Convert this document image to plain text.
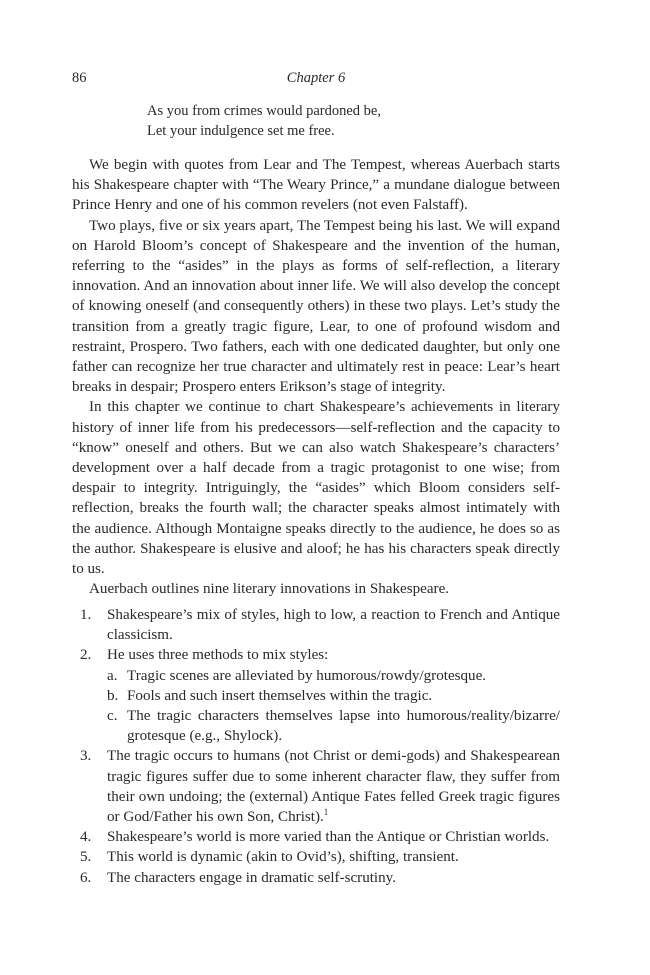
86	Chapter 6
As you from crimes would pardoned be,
Let your indulgence set me free.

We begin with quotes from Lear and The Tempest, whereas Auerbach starts his Shakespeare chapter with “The Weary Prince,” a mundane dialogue between Prince Henry and one of his common revelers (not even Falstaff).

Two plays, five or six years apart, The Tempest being his last. We will expand on Harold Bloom’s concept of Shakespeare and the invention of the human, referring to the “asides” in the plays as forms of self-reflection, a literary innovation. And an innovation about inner life. We will also develop the concept of knowing oneself (and consequently others) in these two plays. Let’s study the transition from a greatly tragic figure, Lear, to one of profound wisdom and restraint, Prospero. Two fathers, each with one dedicated daughter, but only one father can recognize her true character and ultimately rest in peace: Lear’s heart breaks in despair; Prospero enters Erikson’s stage of integrity.

In this chapter we continue to chart Shakespeare’s achievements in literary history of inner life from his predecessors—self-reflection and the capacity to “know” oneself and others. But we can also watch Shakespeare’s characters’ development over a half decade from a tragic protagonist to one wise; from despair to integrity. Intriguingly, the “asides” which Bloom considers self-reflection, breaks the fourth wall; the character speaks almost intimately with the audience. Although Montaigne speaks directly to the audience, he does so as the author. Shakespeare is elusive and aloof; he has his characters speak directly to us.

Auerbach outlines nine literary innovations in Shakespeare.

1. Shakespeare’s mix of styles, high to low, a reaction to French and Antique classicism.
2. He uses three methods to mix styles:
a. Tragic scenes are alleviated by humorous/rowdy/grotesque.
b. Fools and such insert themselves within the tragic.
c. The tragic characters themselves lapse into humorous/reality/bizarre/ grotesque (e.g., Shylock).
3. The tragic occurs to humans (not Christ or demi-gods) and Shakespearean tragic figures suffer due to some inherent character flaw, they suffer from their own undoing; the (external) Antique Fates felled Greek tragic figures or God/Father his own Son, Christ).$^1$
4. Shakespeare’s world is more varied than the Antique or Christian worlds.
5. This world is dynamic (akin to Ovid’s), shifting, transient.
6. The characters engage in dramatic self-scrutiny.
